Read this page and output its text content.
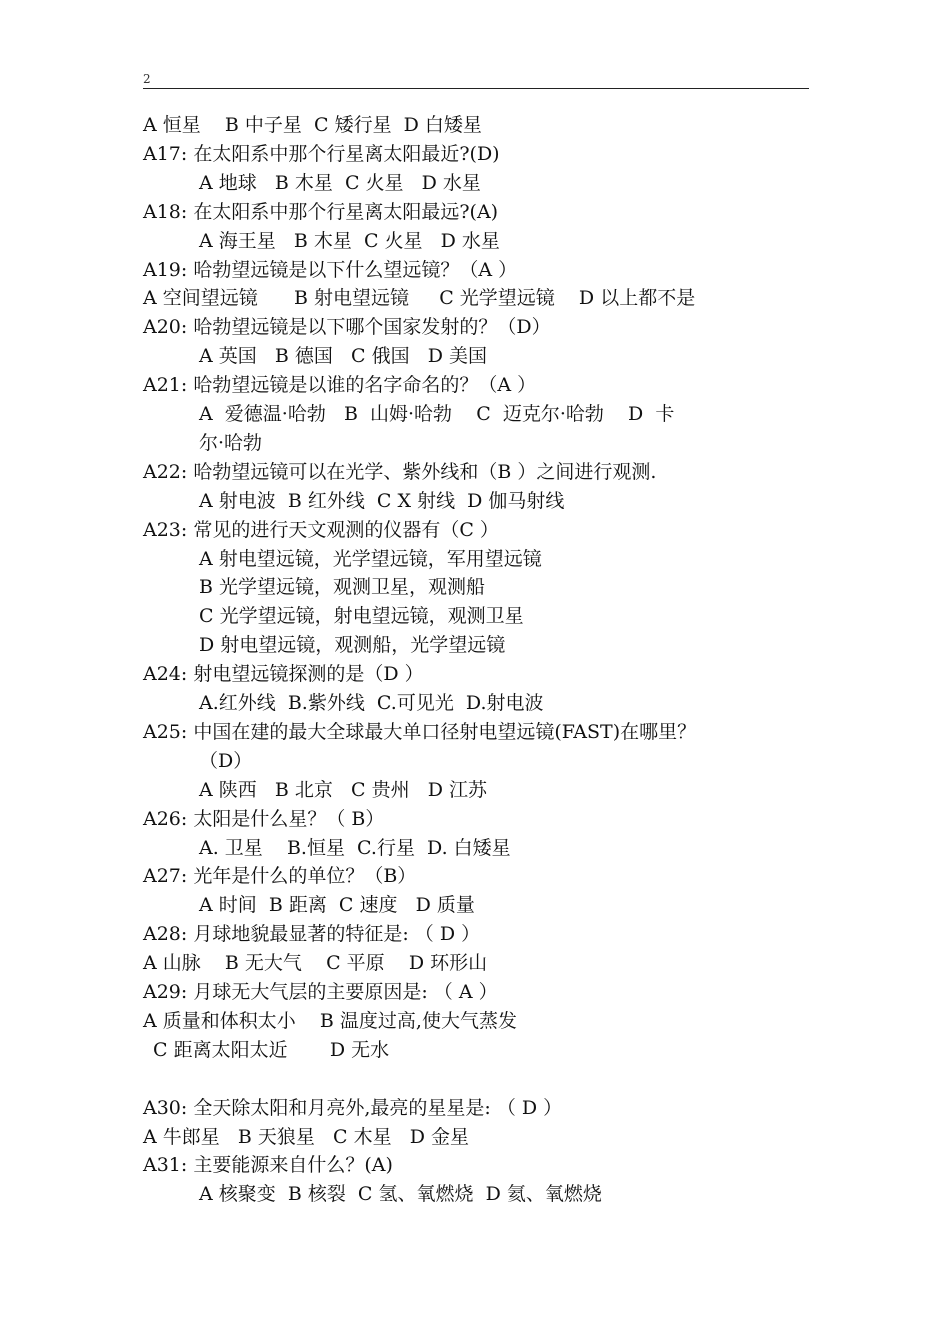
2
A 恒星    B 中子星  C 矮行星  D 白矮星
A17: 在太阳系中那个行星离太阳最近?(D)
A 地球   B 木星  C 火星   D 水星
A18: 在太阳系中那个行星离太阳最远?(A)
A 海王星   B 木星  C 火星   D 水星
A19: 哈勃望远镜是以下什么望远镜？（A ）
A 空间望远镜      B 射电望远镜     C 光学望远镜    D 以上都不是
A20: 哈勃望远镜是以下哪个国家发射的？（D）
A 英国   B 德国   C 俄国   D 美国
A21: 哈勃望远镜是以谁的名字命名的？（A ）
A  爱德温·哈勃   B  山姆·哈勃    C  迈克尔·哈勃    D  卡
尔·哈勃
A22: 哈勃望远镜可以在光学、紫外线和（B ）之间进行观测.
A 射电波  B 红外线  C X 射线  D 伽马射线
A23: 常见的进行天文观测的仪器有（C ）
A 射电望远镜，光学望远镜，军用望远镜
B 光学望远镜，观测卫星，观测船
C 光学望远镜，射电望远镜，观测卫星
D 射电望远镜，观测船，光学望远镜
A24: 射电望远镜探测的是（D ）
A.红外线  B.紫外线  C.可见光  D.射电波
A25: 中国在建的最大全球最大单口径射电望远镜(FAST)在哪里？
（D）
A 陕西   B 北京   C 贵州   D 江苏
A26: 太阳是什么星？（ B）
A. 卫星    B.恒星  C.行星  D. 白矮星
A27: 光年是什么的单位？（B）
A 时间  B 距离  C 速度   D 质量
A28: 月球地貌最显著的特征是: （ D ）
A 山脉    B 无大气    C 平原    D 环形山
A29: 月球无大气层的主要原因是: （ A ）
A 质量和体积太小    B 温度过高,使大气蒸发
C 距离太阳太近       D 无水
A30: 全天除太阳和月亮外,最亮的星星是: （ D ）
A 牛郎星   B 天狼星   C 木星   D 金星
A31: 主要能源来自什么？(A)
A 核聚变  B 核裂  C 氢、氧燃烧  D 氦、氧燃烧
